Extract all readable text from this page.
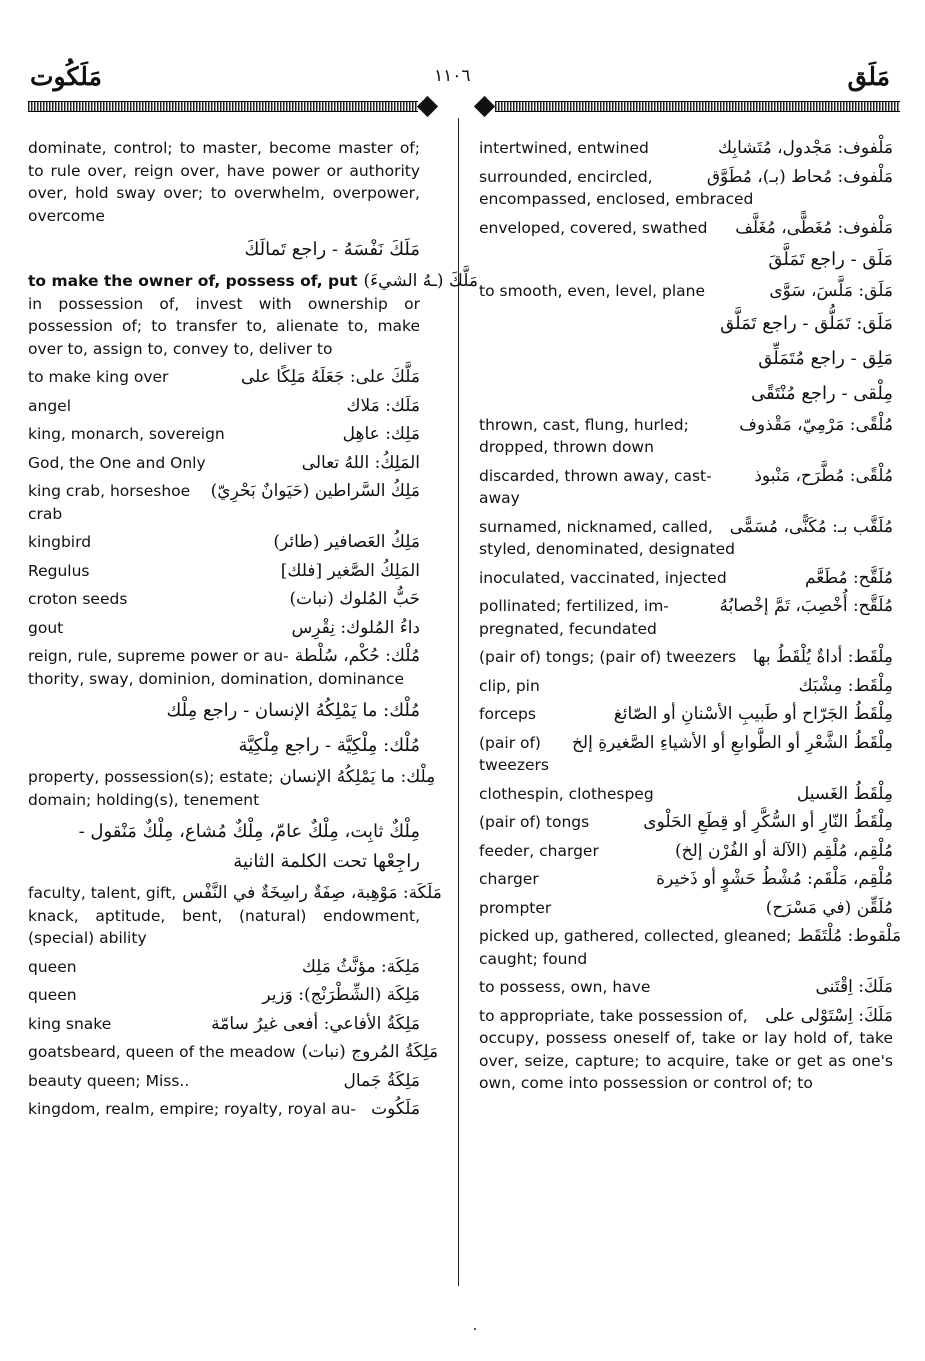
مَلَكُوت	١١٠٦	مَلَق
dominate, control; to master, become master of; to rule over, reign over, have power or authority over, hold sway over; to overwhelm, overpower, overcome
مَلَكَ نَفْسَهُ - راجع تَمالَكَ
to make the owner of, possess of, put مَلَّكَ (ـهُ الشيءَ)
in possession of, invest with ownership or possession of; to transfer to, alienate to, make over to, assign to, convey to, deliver to
to make king over	مَلَّكَ على: جَعَلَهُ مَلِكًا على
angel	مَلَك: مَلاك
king, monarch, sovereign	مَلِك: عاهِل
God, the One and Only	المَلِكُ: اللهُ تعالى
king crab, horseshoe مَلِكُ السَّراطين (حَيَوانٌ بَحْرِيّ)
crab
kingbird	مَلِكُ العَصافير (طائر)
Regulus	المَلِكُ الصَّغير [فلك]
croton seeds	حَبُّ المُلوك (نبات)
gout	داءُ المُلوك: نِقْرِس
reign, rule, supreme power or au- مُلْك: حُكْم، سُلْطة
thority, sway, dominion, domination, dominance
مُلْك: ما يَمْلِكُهُ الإنسان - راجع مِلْك
مُلْك: مِلْكِيَّة - راجع مِلْكِيَّة
property, possession(s); estate; مِلْك: ما يَمْلِكُهُ الإنسان
domain; holding(s), tenement
مِلْكٌ ثابِت، مِلْكٌ عامّ، مِلْكٌ مُشاع، مِلْكٌ مَنْقول - راجِعْها تحت الكلمة الثانية
faculty, talent, gift, مَلَكَة: مَوْهِبة، صِفَةٌ راسِخَةٌ في النَّفْس
knack, aptitude, bent, (natural) endowment, (special) ability
queen	مَلِكَة: مؤنَّثُ مَلِك
queen	مَلِكَة (الشِّطْرَنْج): وَزير
king snake	مَلِكَةُ الأفاعي: أفعى غيرُ سامّة
goatsbeard, queen of the meadow مَلِكَةُ المُروج (نبات)
beauty queen; Miss..	مَلِكَةُ جَمال
kingdom, realm, empire; royalty, royal au- مَلَكُوت
intertwined, entwined	مَلْفوف: مَجْدول، مُتَشابِك
surrounded, encircled,	مَلْفوف: مُحاط (بـ)، مُطَوَّق
encompassed, enclosed, embraced
enveloped, covered, swathed مَلْفوف: مُغَطًّى، مُغَلَّف
مَلَق - راجع تَمَلَّقَ
to smooth, even, level, plane	مَلَق: مَلَّسَ، سَوَّى
مَلَق: تَمَلُّق - راجع تَمَلَّق
مَلِق - راجع مُتَمَلِّق
مِلْقى - راجع مُنْتَقًى
thrown, cast, flung, hurled;	مُلْقًى: مَرْمِيّ، مَقْذوف
dropped, thrown down
discarded, thrown away, cast-	مُلْقًى: مُطَّرَح، مَنْبوذ
away
surnamed, nicknamed, called, مُلَقَّب بـ: مُكَنًّى، مُسَمًّى
styled, denominated, designated
inoculated, vaccinated, injected	مُلَقَّح: مُطَعَّم
pollinated; fertilized, im-	مُلَقَّح: أُخْصِبَ، تَمَّ إخْصابُهُ
pregnated, fecundated
(pair of) tongs; (pair of) tweezers مِلْقَط: أداةٌ يُلْقَطُ بها
clip, pin	مِلْقَط: مِشْبَك
forceps	مِلْقَطُ الجَرّاح أو طَبيبِ الأسْنانِ أو الصّائغ
(pair of) مِلْقَطُ الشَّعْرِ أو الطَّوابعِ أو الأشياءِ الصَّغيرةِ إلخ
tweezers
clothespin, clothespeg	مِلْقَطُ الغَسيل
(pair of) tongs	مِلْقَطُ النّارِ أو السُّكَّرِ أو قِطَعِ الحَلْوى
feeder, charger	مُلْقِم، مُلْقِم (الآلة أو الفُرْن إلخ)
charger	مُلْقِم، مَلْقَم: مُشْطُ حَشْوٍ أو ذَخيرة
prompter	مُلَقِّن (في مَسْرَح)
picked up, gathered, collected, gleaned; مَلْقوط: مُلْتَقَط
caught; found
to possess, own, have	مَلَكَ: اِقْتَنى
to appropriate, take possession of, مَلَكَ: اِسْتَوْلى على
occupy, possess oneself of, take or lay hold of, take over, seize, capture; to acquire, take or get as one's own, come into possession or control of; to
